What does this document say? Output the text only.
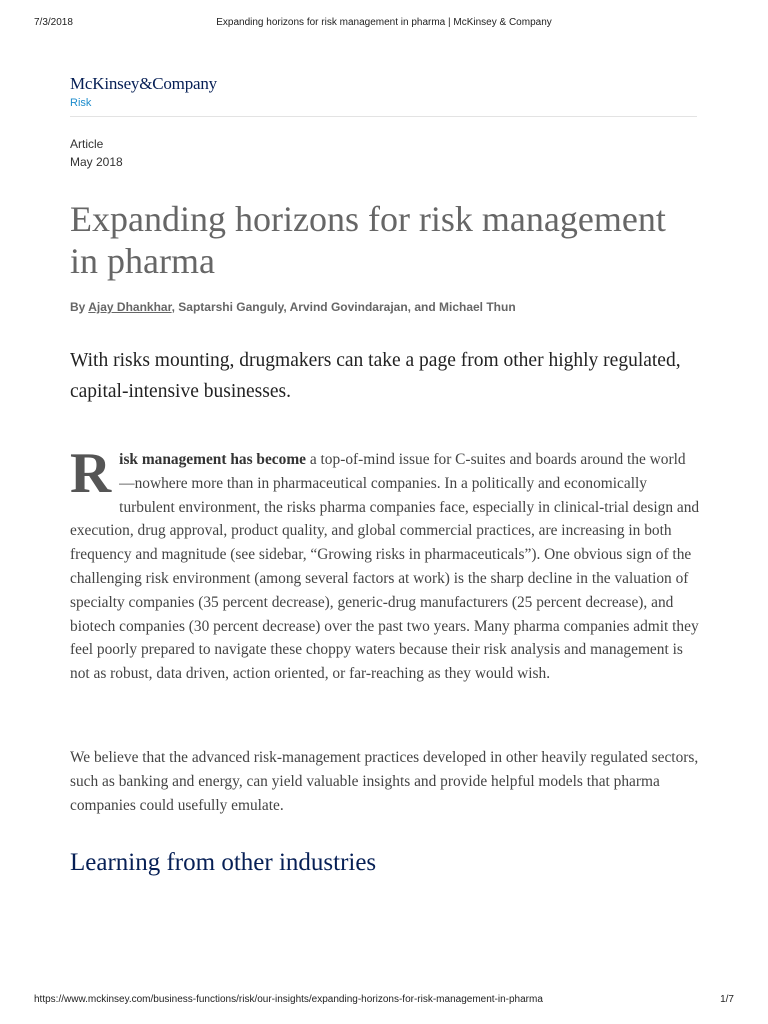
7/3/2018	Expanding horizons for risk management in pharma | McKinsey & Company
McKinsey&Company
Risk
Article
May 2018
Expanding horizons for risk management in pharma
By Ajay Dhankhar, Saptarshi Ganguly, Arvind Govindarajan, and Michael Thun

With risks mounting, drugmakers can take a page from other highly regulated, capital-intensive businesses.

Risk management has become a top-of-mind issue for C-suites and boards around the world—nowhere more than in pharmaceutical companies. In a politically and economically turbulent environment, the risks pharma companies face, especially in clinical-trial design and execution, drug approval, product quality, and global commercial practices, are increasing in both frequency and magnitude (see sidebar, “Growing risks in pharmaceuticals”). One obvious sign of the challenging risk environment (among several factors at work) is the sharp decline in the valuation of specialty companies (35 percent decrease), generic-drug manufacturers (25 percent decrease), and biotech companies (30 percent decrease) over the past two years. Many pharma companies admit they feel poorly prepared to navigate these choppy waters because their risk analysis and management is not as robust, data driven, action oriented, or far-reaching as they would wish.

We believe that the advanced risk-management practices developed in other heavily regulated sectors, such as banking and energy, can yield valuable insights and provide helpful models that pharma companies could usefully emulate.

Learning from other industries
https://www.mckinsey.com/business-functions/risk/our-insights/expanding-horizons-for-risk-management-in-pharma	1/7
